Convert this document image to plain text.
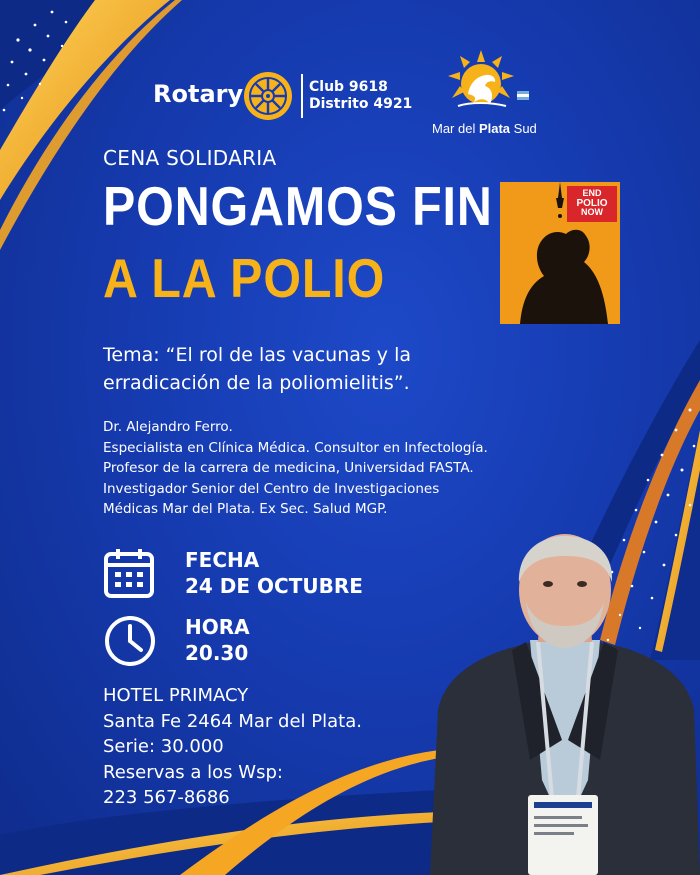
Rotary	Club 9618
Distrito 4921
Mar del Plata Sud
CENA SOLIDARIA
PONGAMOS FIN
A LA POLIO
END
POLIO
NOW
Tema: “El rol de las vacunas y la
erradicación de la poliomielitis”.
Dr. Alejandro Ferro.
Especialista en Clínica Médica. Consultor en Infectología.
Profesor de la carrera de medicina, Universidad FASTA.
Investigador Senior del Centro de Investigaciones
Médicas Mar del Plata. Ex Sec. Salud MGP.
FECHA
24 DE OCTUBRE
HORA
20.30
HOTEL PRIMACY
Santa Fe 2464 Mar del Plata.
Serie: 30.000
Reservas a los Wsp:
223 567-8686
